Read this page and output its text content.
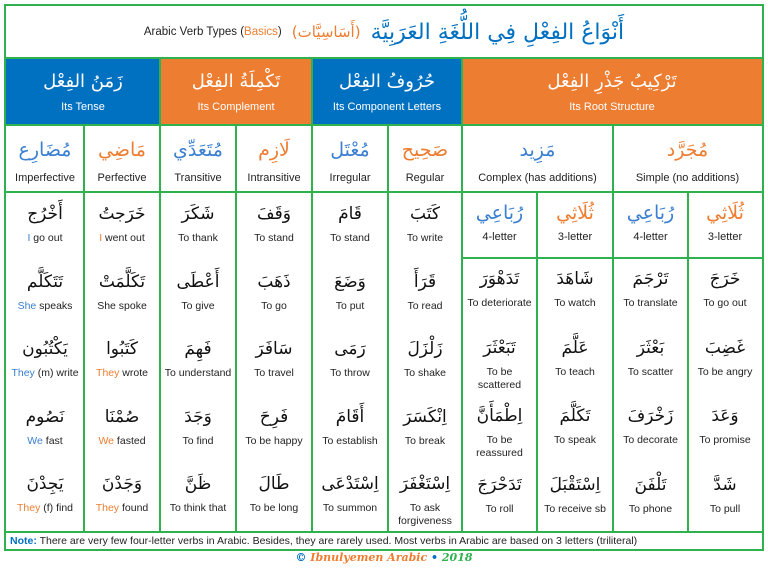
Arabic Verb Types (Basics) (أَسَاسِيَّات) أَنْوَاعُ الفِعْلِ فِي اللُّغَةِ العَرَبِيَّة
زَمَنُ الفِعْل
Its Tense
تَكْمِلَةُ الفِعْل
Its Complement
حُرُوفُ الفِعْل
Its Component Letters
تَرْكِيبُ جَذْرِ الفِعْل
Its Root Structure
مُضَارِع
Imperfective
مَاضِي
Perfective
مُتَعَدِّي
Transitive
لَازِم
Intransitive
مُعْتَل
Irregular
صَحِيح
Regular
مَزِيد
Complex (has additions)
مُجَرَّد
Simple (no additions)
رُبَاعِي
4-letter
ثُلَاثِي
3-letter
رُبَاعِي
4-letter
ثُلَاثِي
3-letter
أَخْرُج
I go out
تَتَكَلَّم
She speaks
يَكْتُبُون
They (m) write
نَصُوم
We fast
يَجِدْنَ
They (f) find
خَرَجتُ
I went out
تَكَلَّمَتْ
She spoke
كَتَبُوا
They wrote
صُمْنَا
We fasted
وَجَدْنَ
They found
شَكَرَ
To thank
أَعْطَى
To give
فَهِمَ
To understand
وَجَدَ
To find
ظَنَّ
To think that
وَقَفَ
To stand
ذَهَبَ
To go
سَافَرَ
To travel
فَرِحَ
To be happy
طَالَ
To be long
قَامَ
To stand
وَضَعَ
To put
رَمَى
To throw
أَقَامَ
To establish
اِسْتَدْعَى
To summon
كَتَبَ
To write
قَرَأَ
To read
زَلْزَلَ
To shake
اِنْكَسَرَ
To break
اِسْتَغْفَرَ
To ask forgiveness
تَدَهْوَرَ
To deteriorate
تَبَعْثَرَ
To be scattered
اِطْمَأَنَّ
To be reassured
تَدَحْرَجَ
To roll
شَاهَدَ
To watch
عَلَّمَ
To teach
تَكَلَّمَ
To speak
اِسْتَقْبَلَ
To receive sb
تَرْجَمَ
To translate
بَعْثَرَ
To scatter
زَخْرَفَ
To decorate
تَلْفَنَ
To phone
خَرَجَ
To go out
غَضِبَ
To be angry
وَعَدَ
To promise
شَدَّ
To pull
Note: There are very few four-letter verbs in Arabic. Besides, they are rarely used. Most verbs in Arabic are based on 3 letters (triliteral)
© Ibnulyemen Arabic • 2018
